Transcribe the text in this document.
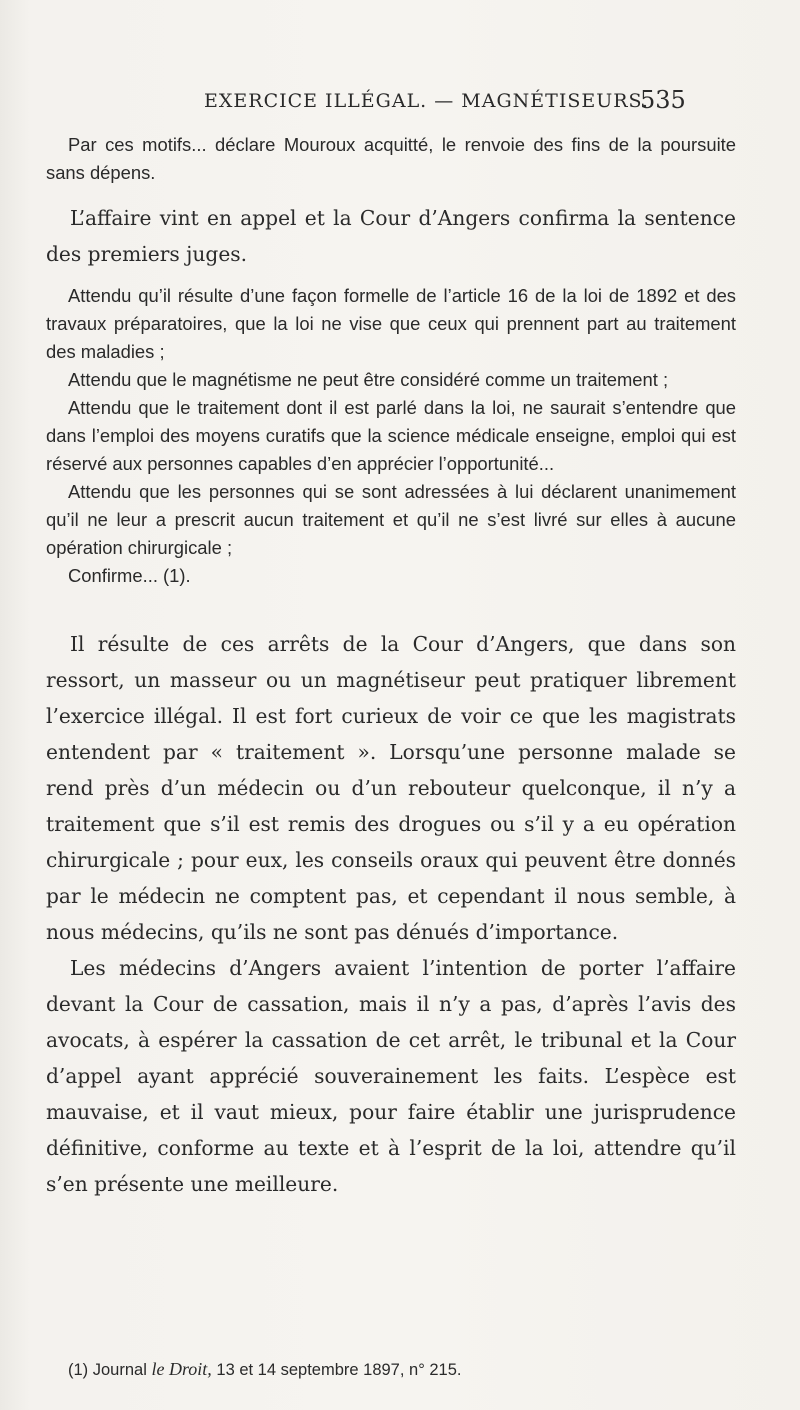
EXERCICE ILLÉGAL. — MAGNÉTISEURS.
535

Par ces motifs... déclare Mouroux acquitté, le renvoie des fins de la poursuite sans dépens.

L’affaire vint en appel et la Cour d’Angers confirma la sentence des premiers juges.

Attendu qu’il résulte d’une façon formelle de l’article 16 de la loi de 1892 et des travaux préparatoires, que la loi ne vise que ceux qui prennent part au traitement des maladies ;

Attendu que le magnétisme ne peut être considéré comme un traitement ;

Attendu que le traitement dont il est parlé dans la loi, ne saurait s’entendre que dans l’emploi des moyens curatifs que la science médicale enseigne, emploi qui est réservé aux personnes capables d’en apprécier l’opportunité...

Attendu que les personnes qui se sont adressées à lui déclarent unanimement qu’il ne leur a prescrit aucun traitement et qu’il ne s’est livré sur elles à aucune opération chirurgicale ;

Confirme... (1).

Il résulte de ces arrêts de la Cour d’Angers, que dans son ressort, un masseur ou un magnétiseur peut pratiquer librement l’exercice illégal. Il est fort curieux de voir ce que les magistrats entendent par « traitement ». Lorsqu’une personne malade se rend près d’un médecin ou d’un rebouteur quelconque, il n’y a traitement que s’il est remis des drogues ou s’il y a eu opération chirurgicale ; pour eux, les conseils oraux qui peuvent être donnés par le médecin ne comptent pas, et cependant il nous semble, à nous médecins, qu’ils ne sont pas dénués d’importance.

Les médecins d’Angers avaient l’intention de porter l’affaire devant la Cour de cassation, mais il n’y a pas, d’après l’avis des avocats, à espérer la cassation de cet arrêt, le tribunal et la Cour d’appel ayant apprécié souverainement les faits. L’espèce est mauvaise, et il vaut mieux, pour faire établir une jurisprudence définitive, conforme au texte et à l’esprit de la loi, attendre qu’il s’en présente une meilleure.

(1) Journal le Droit, 13 et 14 septembre 1897, n° 215.
